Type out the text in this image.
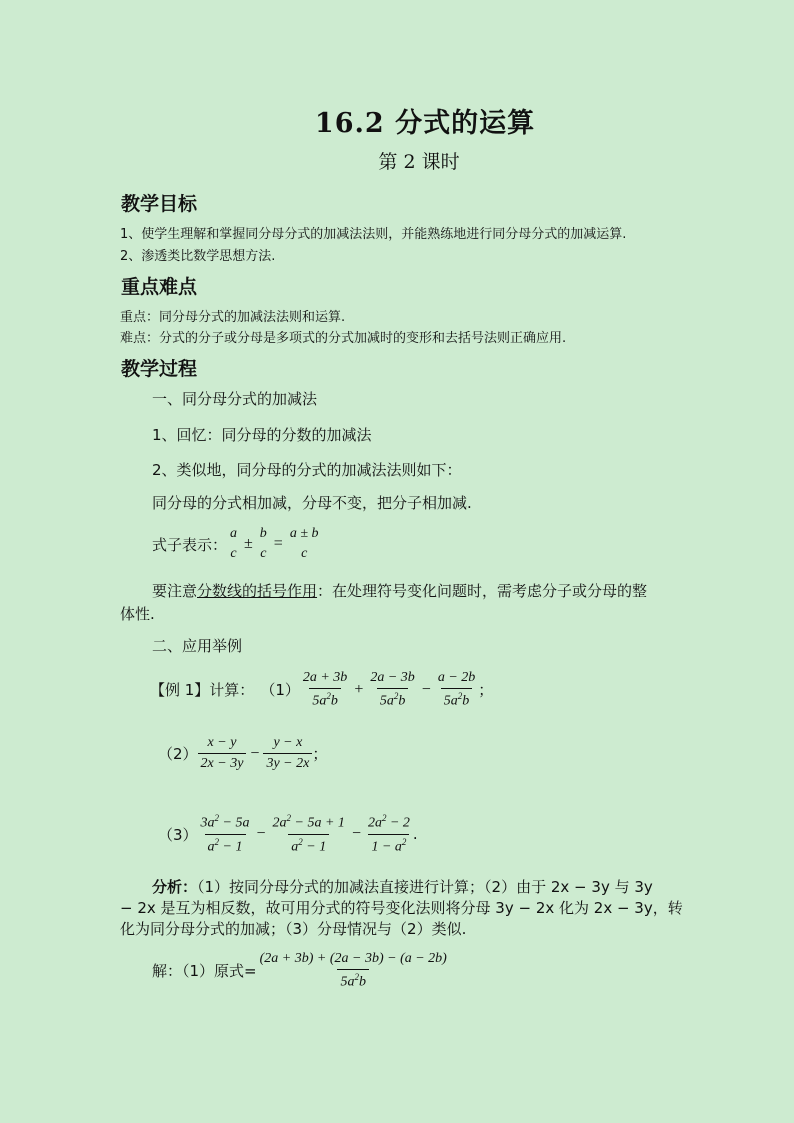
16.2 分式的运算
第 2 课时
教学目标
1、使学生理解和掌握同分母分式的加减法法则，并能熟练地进行同分母分式的加减运算.
2、渗透类比数学思想方法.
重点难点
重点：同分母分式的加减法法则和运算.
难点：分式的分子或分母是多项式的分式加减时的变形和去括号法则正确应用.
教学过程
一、同分母分式的加减法
1、回忆：同分母的分数的加减法
2、类似地，同分母的分式的加减法法则如下：
同分母的分式相加减，分母不变，把分子相加减.
式子表示：
a
c
±
b
c
=
a ± b
c
要注意分数线的括号作用：在处理符号变化问题时，需考虑分子或分母的整
体性.
二、应用举例
【例 1】计算： $(1) \frac{2a + 3b}{5a^2b} + \frac{2a - 3b}{5a^2b} - \frac{a - 2b}{5a^2b}$ ；
$(2) \frac{x - y}{2x - 3y} - \frac{y - x}{3y - 2x}$ ；
$(3) \frac{3a^2 - 5a}{a^2 - 1} - \frac{2a^2 - 5a + 1}{a^2 - 1} - \frac{2a^2 - 2}{1 - a^2}$ .
分析：（1）按同分母分式的加减法直接进行计算；（2）由于 2x − 3y 与 3y
− 2x 是互为相反数，故可用分式的符号变化法则将分母 3y − 2x 化为 2x − 3y，转
化为同分母分式的加减；（3）分母情况与（2）类似.
解：（1）原式= $\frac{(2a + 3b) + (2a - 3b) - (a - 2b)}{5a^2b}$
